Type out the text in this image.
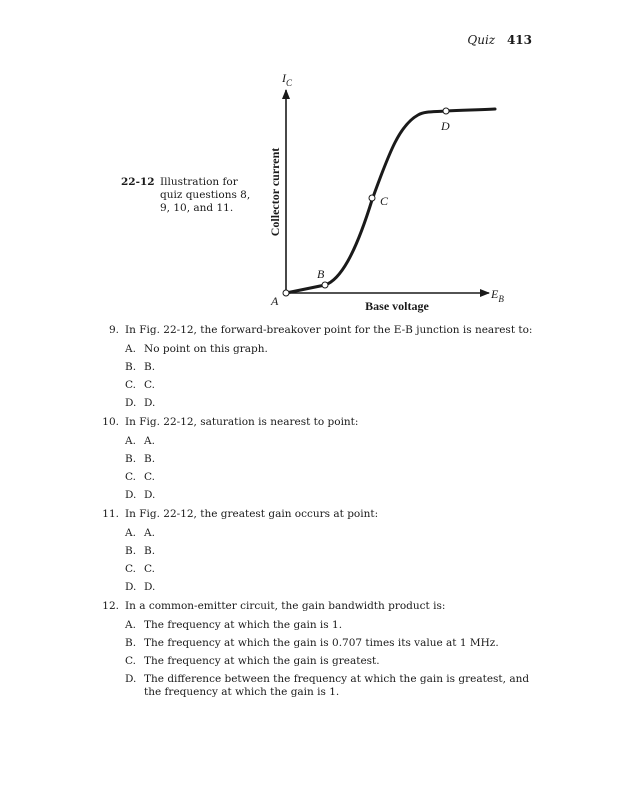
Quiz 413
22-12 Illustration for quiz questions 8, 9, 10, and 11.
A
B
C
D
$I_C$
$E_B$
Collector current
Base voltage
9. In Fig. 22-12, the forward-breakover point for the E-B junction is nearest to:
A. No point on this graph.
B. B.
C. C.
D. D.
10. In Fig. 22-12, saturation is nearest to point:
A. A.
B. B.
C. C.
D. D.
11. In Fig. 22-12, the greatest gain occurs at point:
A. A.
B. B.
C. C.
D. D.
12. In a common-emitter circuit, the gain bandwidth product is:
A. The frequency at which the gain is 1.
B. The frequency at which the gain is 0.707 times its value at 1 MHz.
C. The frequency at which the gain is greatest.
D. The difference between the frequency at which the gain is greatest, and the frequency at which the gain is 1.
